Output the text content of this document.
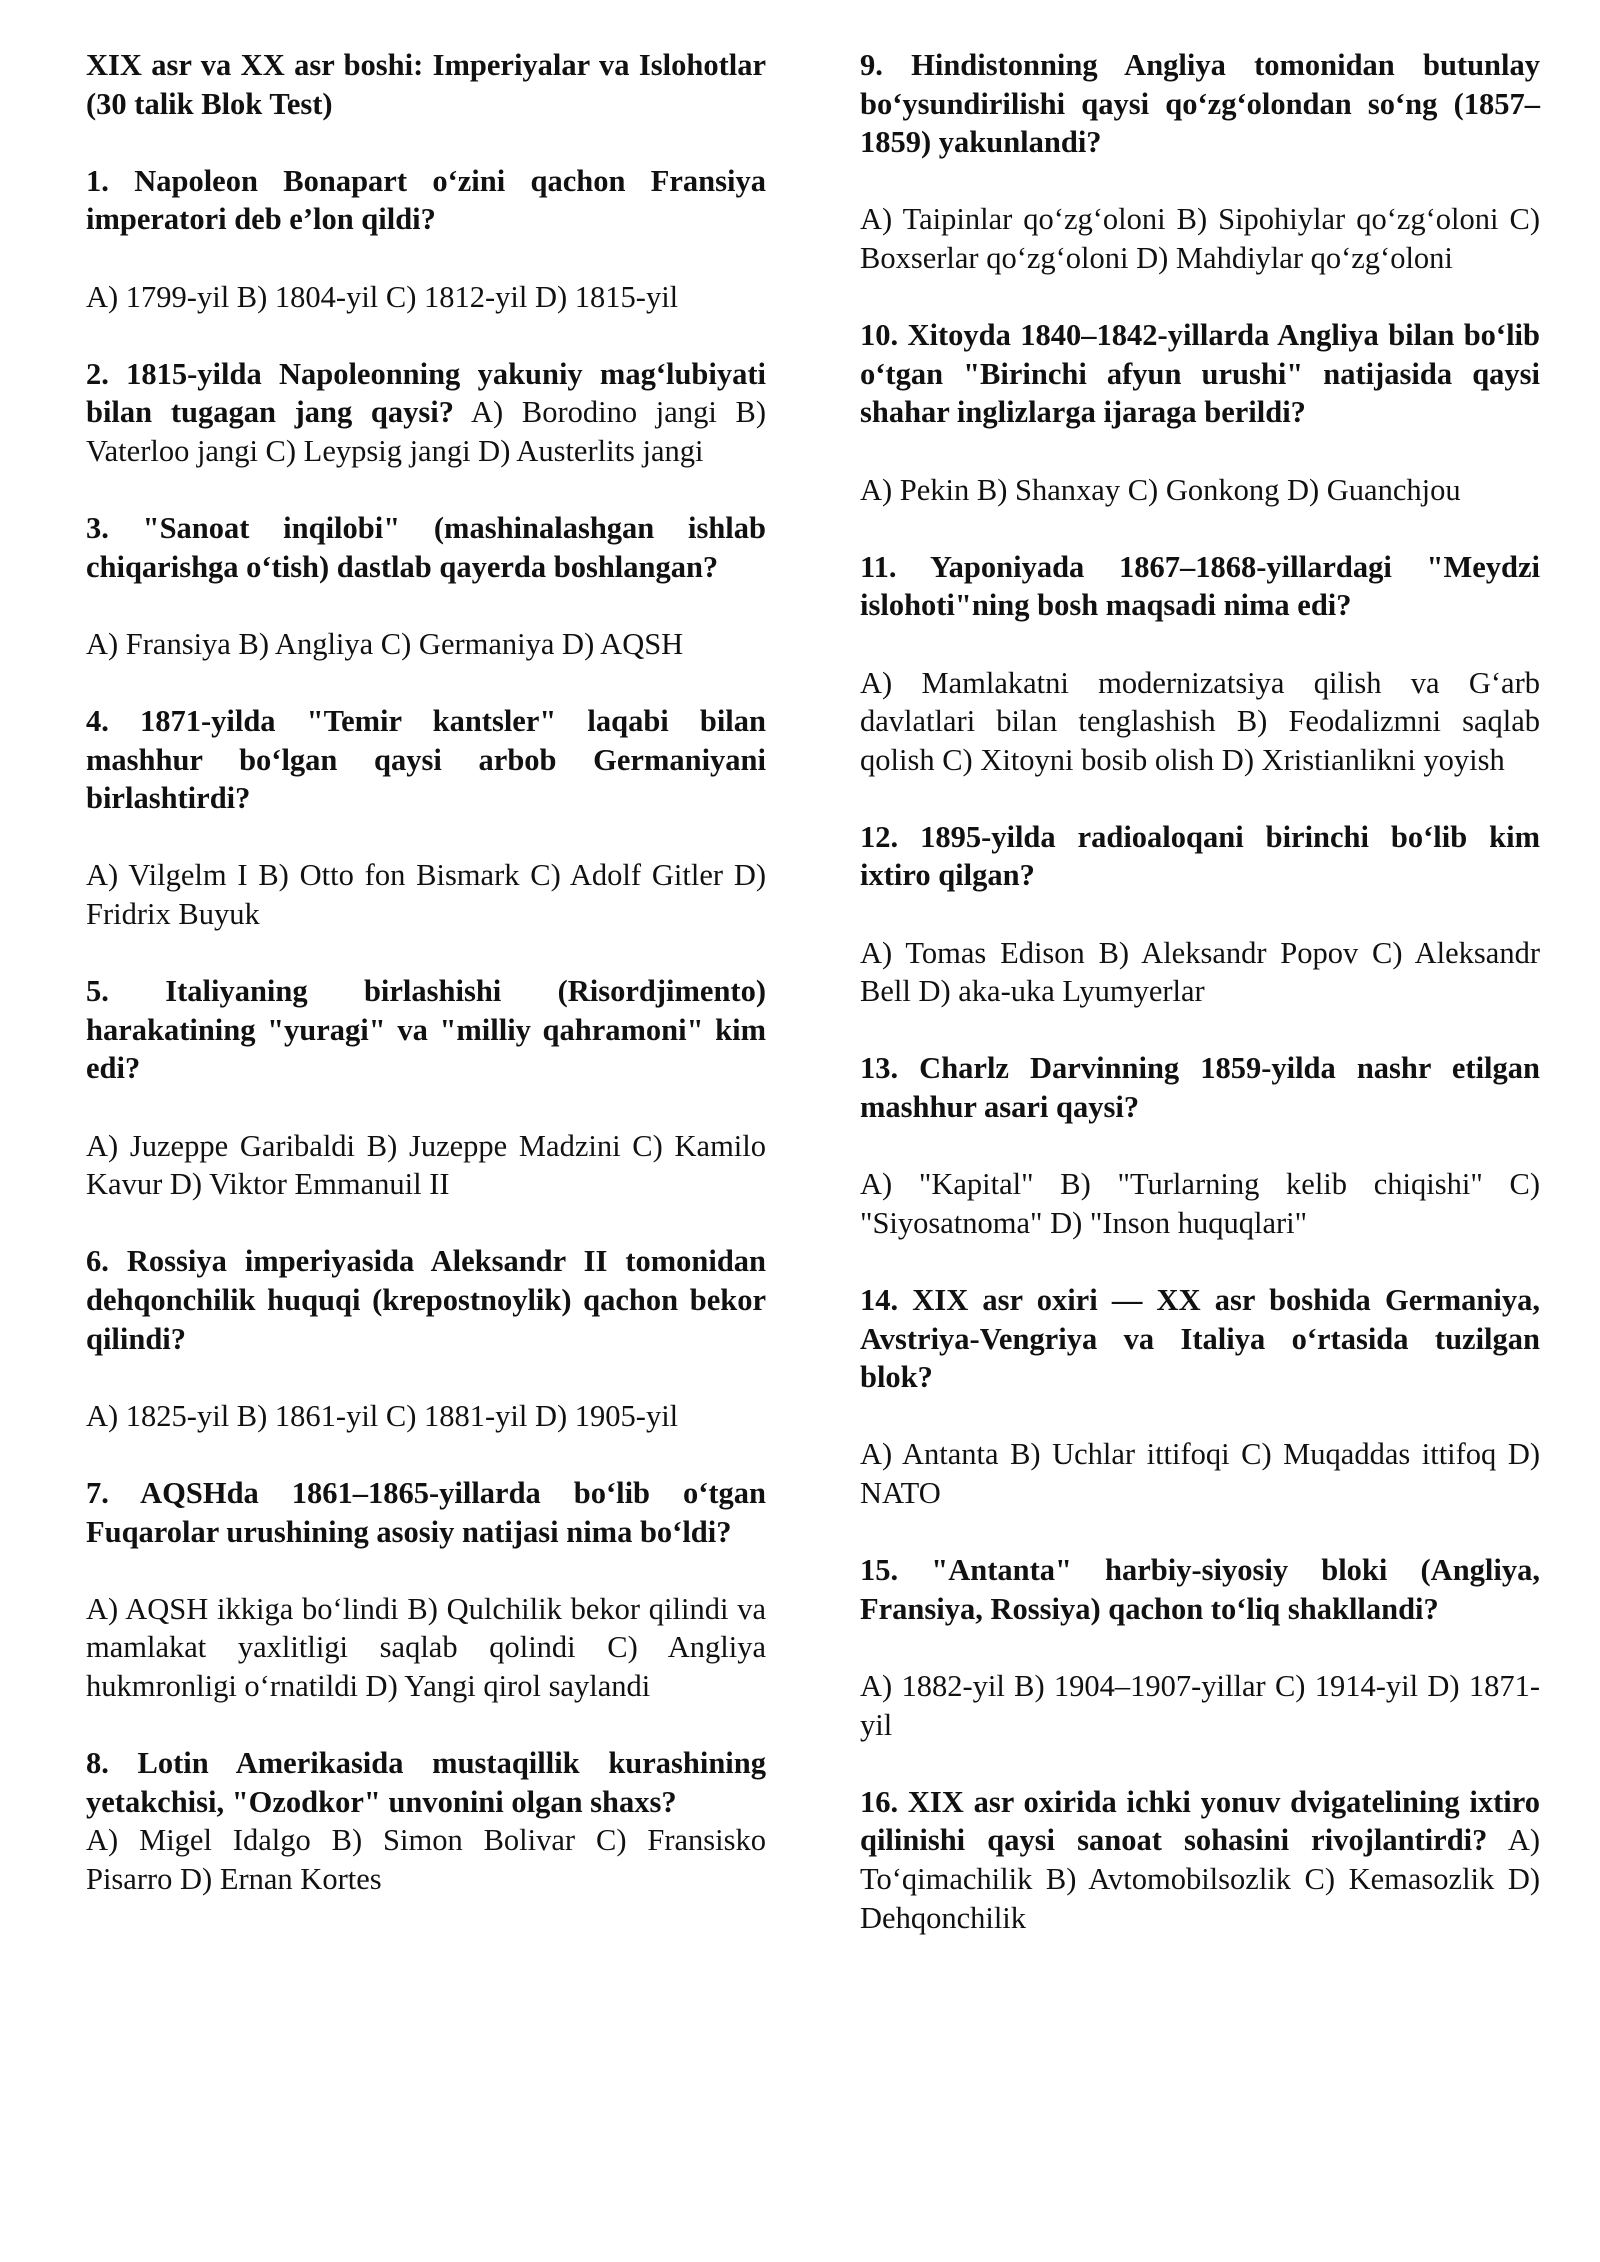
XIX asr va XX asr boshi: Imperiyalar va Islohotlar (30 talik Blok Test)
1. Napoleon Bonapart o‘zini qachon Fransiya imperatori deb e’lon qildi?
A) 1799-yil B) 1804-yil C) 1812-yil D) 1815-yil
2. 1815-yilda Napoleonning yakuniy mag‘lubiyati bilan tugagan jang qaysi? A) Borodino jangi B) Vaterloo jangi C) Leypsig jangi D) Austerlits jangi
3. "Sanoat inqilobi" (mashinalashgan ishlab chiqarishga o‘tish) dastlab qayerda boshlangan?
A) Fransiya B) Angliya C) Germaniya D) AQSH
4. 1871-yilda "Temir kantsler" laqabi bilan mashhur bo‘lgan qaysi arbob Germaniyani birlashtirdi?
A) Vilgelm I B) Otto fon Bismark C) Adolf Gitler D) Fridrix Buyuk
5. Italiyaning birlashishi (Risordjimento) harakatining "yuragi" va "milliy qahramoni" kim edi?
A) Juzeppe Garibaldi B) Juzeppe Madzini C) Kamilo Kavur D) Viktor Emmanuil II
6. Rossiya imperiyasida Aleksandr II tomonidan dehqonchilik huquqi (krepostnoylik) qachon bekor qilindi?
A) 1825-yil B) 1861-yil C) 1881-yil D) 1905-yil
7. AQSHda 1861–1865-yillarda bo‘lib o‘tgan Fuqarolar urushining asosiy natijasi nima bo‘ldi?
A) AQSH ikkiga bo‘lindi B) Qulchilik bekor qilindi va mamlakat yaxlitligi saqlab qolindi C) Angliya hukmronligi o‘rnatildi D) Yangi qirol saylandi
8. Lotin Amerikasida mustaqillik kurashining yetakchisi, "Ozodkor" unvonini olgan shaxs?
A) Migel Idalgo B) Simon Bolivar C) Fransisko Pisarro D) Ernan Kortes
9. Hindistonning Angliya tomonidan butunlay bo‘ysundirilishi qaysi qo‘zg‘olondan so‘ng (1857–1859) yakunlandi?
A) Taipinlar qo‘zg‘oloni B) Sipohiylar qo‘zg‘oloni C) Boxserlar qo‘zg‘oloni D) Mahdiylar qo‘zg‘oloni
10. Xitoyda 1840–1842-yillarda Angliya bilan bo‘lib o‘tgan "Birinchi afyun urushi" natijasida qaysi shahar inglizlarga ijaraga berildi?
A) Pekin B) Shanxay C) Gonkong D) Guanchjou
11. Yaponiyada 1867–1868-yillardagi "Meydzi islohoti"ning bosh maqsadi nima edi?
A) Mamlakatni modernizatsiya qilish va G‘arb davlatlari bilan tenglashish B) Feodalizmni saqlab qolish C) Xitoyni bosib olish D) Xristianlikni yoyish
12. 1895-yilda radioaloqani birinchi bo‘lib kim ixtiro qilgan?
A) Tomas Edison B) Aleksandr Popov C) Aleksandr Bell D) aka-uka Lyumyerlar
13. Charlz Darvinning 1859-yilda nashr etilgan mashhur asari qaysi?
A) "Kapital" B) "Turlarning kelib chiqishi" C) "Siyosatnoma" D) "Inson huquqlari"
14. XIX asr oxiri — XX asr boshida Germaniya, Avstriya-Vengriya va Italiya o‘rtasida tuzilgan blok?
A) Antanta B) Uchlar ittifoqi C) Muqaddas ittifoq D) NATO
15. "Antanta" harbiy-siyosiy bloki (Angliya, Fransiya, Rossiya) qachon to‘liq shakllandi?
A) 1882-yil B) 1904–1907-yillar C) 1914-yil D) 1871-yil
16. XIX asr oxirida ichki yonuv dvigatelining ixtiro qilinishi qaysi sanoat sohasini rivojlantirdi? A) To‘qimachilik B) Avtomobilsozlik C) Kemasozlik D) Dehqonchilik
